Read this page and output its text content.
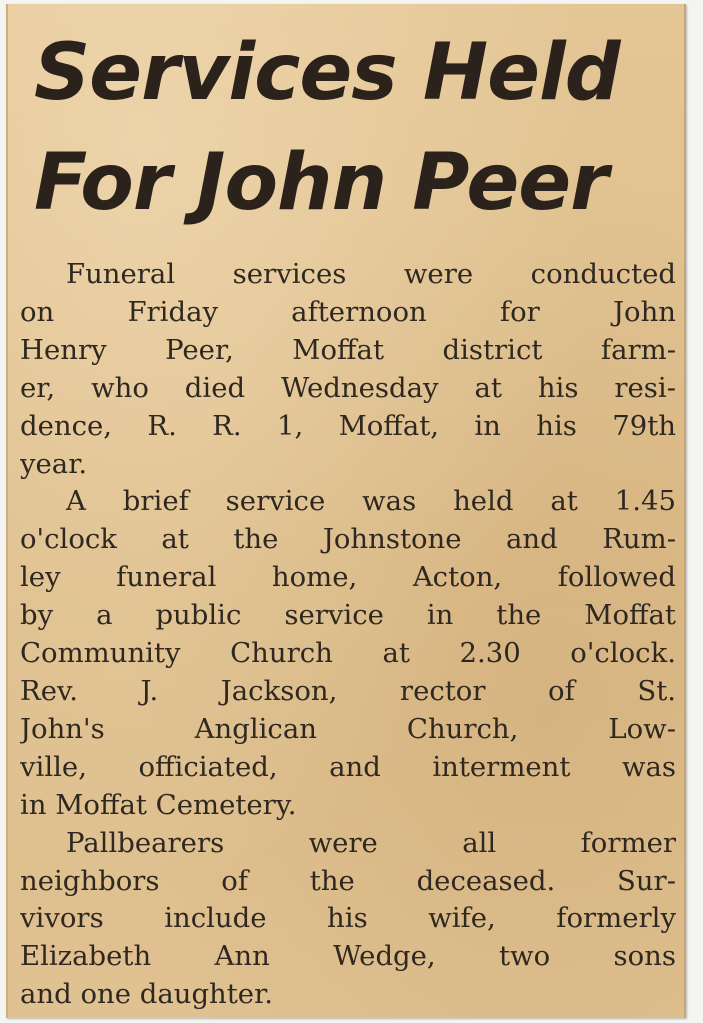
Services Held
For John Peer

Funeral services were conducted
on Friday afternoon for John
Henry Peer, Moffat district farm-
er, who died Wednesday at his resi-
dence, R. R. 1, Moffat, in his 79th
year.

A brief service was held at 1.45
o'clock at the Johnstone and Rum-
ley funeral home, Acton, followed
by a public service in the Moffat
Community Church at 2.30 o'clock.
Rev. J. Jackson, rector of St.
John's Anglican Church, Low-
ville, officiated, and interment was
in Moffat Cemetery.

Pallbearers were all former
neighbors of the deceased. Sur-
vivors include his wife, formerly
Elizabeth Ann Wedge, two sons
and one daughter.
